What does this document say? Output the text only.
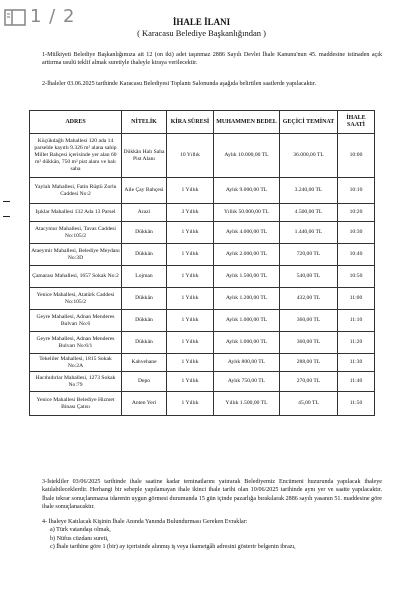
İHALE İLANI
( Karacasu Belediye Başkanlığından )
1-Mülkiyeti Belediye Başkanlığımıza ait 12 (on iki) adet taşınmaz 2886 Sayılı Devlet İhale Kanunu'nun 45. maddesine istinaden açık arttırma usulü teklif almak suretiyle ihaleyle kiraya verilecektir.
2-İhaleler 03.06.2025 tarihinde Karacasu Belediyesi Toplantı Salonunda aşağıda belirtilen saatlerde yapılacaktır.
ADRES	NİTELİK	KİRA SÜRESİ	MUHAMMEN BEDEL	GEÇİCİ TEMİNAT	İHALE SAATİ
Küçükdağlı Mahallesi 120 ada 14 parselde kayıtlı 9.326 m² alana sahip Millet Bahçesi içerisinde yer alan 60 m² dükkân, 750 m² pist alanı ve halı saha	Dükkân Halı Saha Pist Alanı	10 Yıllık	Aylık 10.000,00 TL	36.000,00 TL	10:00
Yaylalı Mahallesi, Fatin Rüştü Zorlu Caddesi No:2	Aile Çay Bahçesi	1 Yıllık	Aylık 9.000,00 TL	3.240,00 TL	10:10
Işıklar Mahallesi 132 Ada 13 Parsel	Arazi	3 Yıllık	Yıllık 50.000,00 TL	4.500,00 TL	10:20
Atacymur Mahallesi, Tavas Caddesi No:105/2	Dükkân	1 Yıllık	Aylık 4.000,00 TL	1.440,00 TL	10:30
Ataeymir Mahallesi, Belediye Meydanı No:3D	Dükkân	1 Yıllık	Aylık 2.000,00 TL	720,00 TL	10:40
Çamarası Mahallesi, 1657 Sokak No:2	Lojman	1 Yıllık	Aylık 1.500,00 TL	540,00 TL	10:50
Yenice Mahallesi, Atatürk Caddesi No:105/2	Dükkân	1 Yıllık	Aylık 1.200,00 TL	432,00 TL	11:00
Geyre Mahallesi, Adnan Menderes Bulvarı No:6	Dükkân	1 Yıllık	Aylık 1.000,00 TL	360,00 TL	11:10
Geyre Mahallesi, Adnan Menderes Bulvarı No:6/1	Dükkân	1 Yıllık	Aylık 1.000,00 TL	360,00 TL	11:20
Tekeliler Mahallesi, 1815 Sokak No:2A	Kahvehane	1 Yıllık	Aylık 800,00 TL	288,00 TL	11:30
Hacıhıdırlar Mahallesi, 1273 Sokak No:79	Depo	1 Yıllık	Aylık 750,00 TL	270,00 TL	11:40
Yenice Mahallesi Belediye Hizmet Binası Çatısı	Anten Yeri	1 Yıllık	Yıllık 1.500,00 TL	45,00 TL	11:50
3-İstekliler 03/06/2025 tarihinde ihale saatine kadar teminatlarını yatırarak Belediyemiz Encümeni huzurunda yapılacak ihaleye katılabileceklerdir. Herhangi bir sebeple yapılamayan ihale ikinci ihale tarihi olan 10/06/2025 tarihinde aynı yer ve saatte yapılacaktır. İhale tekrar sonuçlanmazsa idarenin uygun görmesi durumunda 15 gün içinde pazarlığa bırakılarak 2886 sayılı yasanın 51. maddesine göre ihale sonuçlanacaktır.
4- İhaleye Katılacak Kişinin İhale Anında Yanında Bulundurması Gereken Evraklar:
a) Türk vatandaşı olmak,
b) Nüfus cüzdanı sureti,
c) İhale tarihine göre 1 (bir) ay içerisinde alınmış iş veya ikametgâh adresini gösterir belgenin ibrazı,
1 / 2
